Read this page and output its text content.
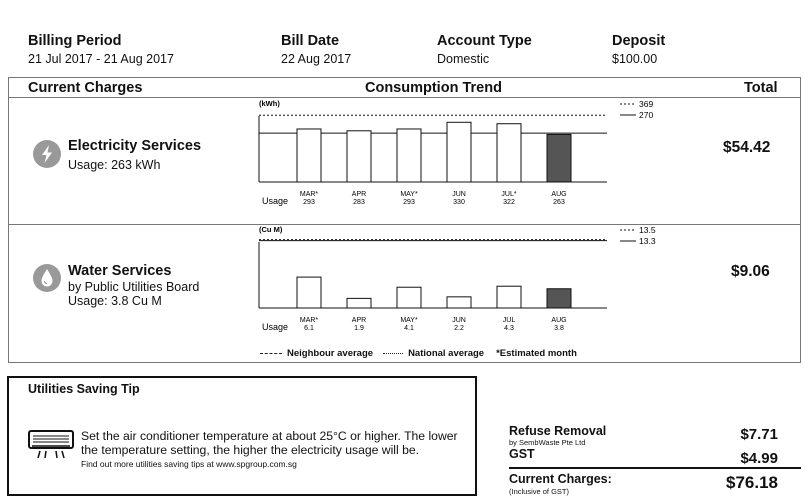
Billing Period
21 Jul 2017 - 21 Aug 2017
Bill Date
22 Aug 2017
Account Type
Domestic
Deposit
$100.00
Current Charges	Consumption Trend	Total
Electricity Services
Usage: 263 kWh
$54.42
(kWh)	369
270
Usage
MAR*
293
APR
283
MAY*
293
JUN
330
JUL*
322
AUG
263
Water Services
by Public Utilities Board
Usage: 3.8 Cu M
$9.06
(Cu M)	13.5
13.3
Usage
MAR*
6.1
APR
1.9
MAY*
4.1
JUN
2.2
JUL
4.3
AUG
3.8
Neighbour average	National average *Estimated month
Utilities Saving Tip
Set the air conditioner temperature at about 25°C or higher. The lower the temperature setting, the higher the electricity usage will be.
Find out more utilities saving tips at www.spgroup.com.sg
Refuse Removal
by SembWaste Pte Ltd	$7.71
GST	$4.99
Current Charges:
(Inclusive of GST)	$76.18
